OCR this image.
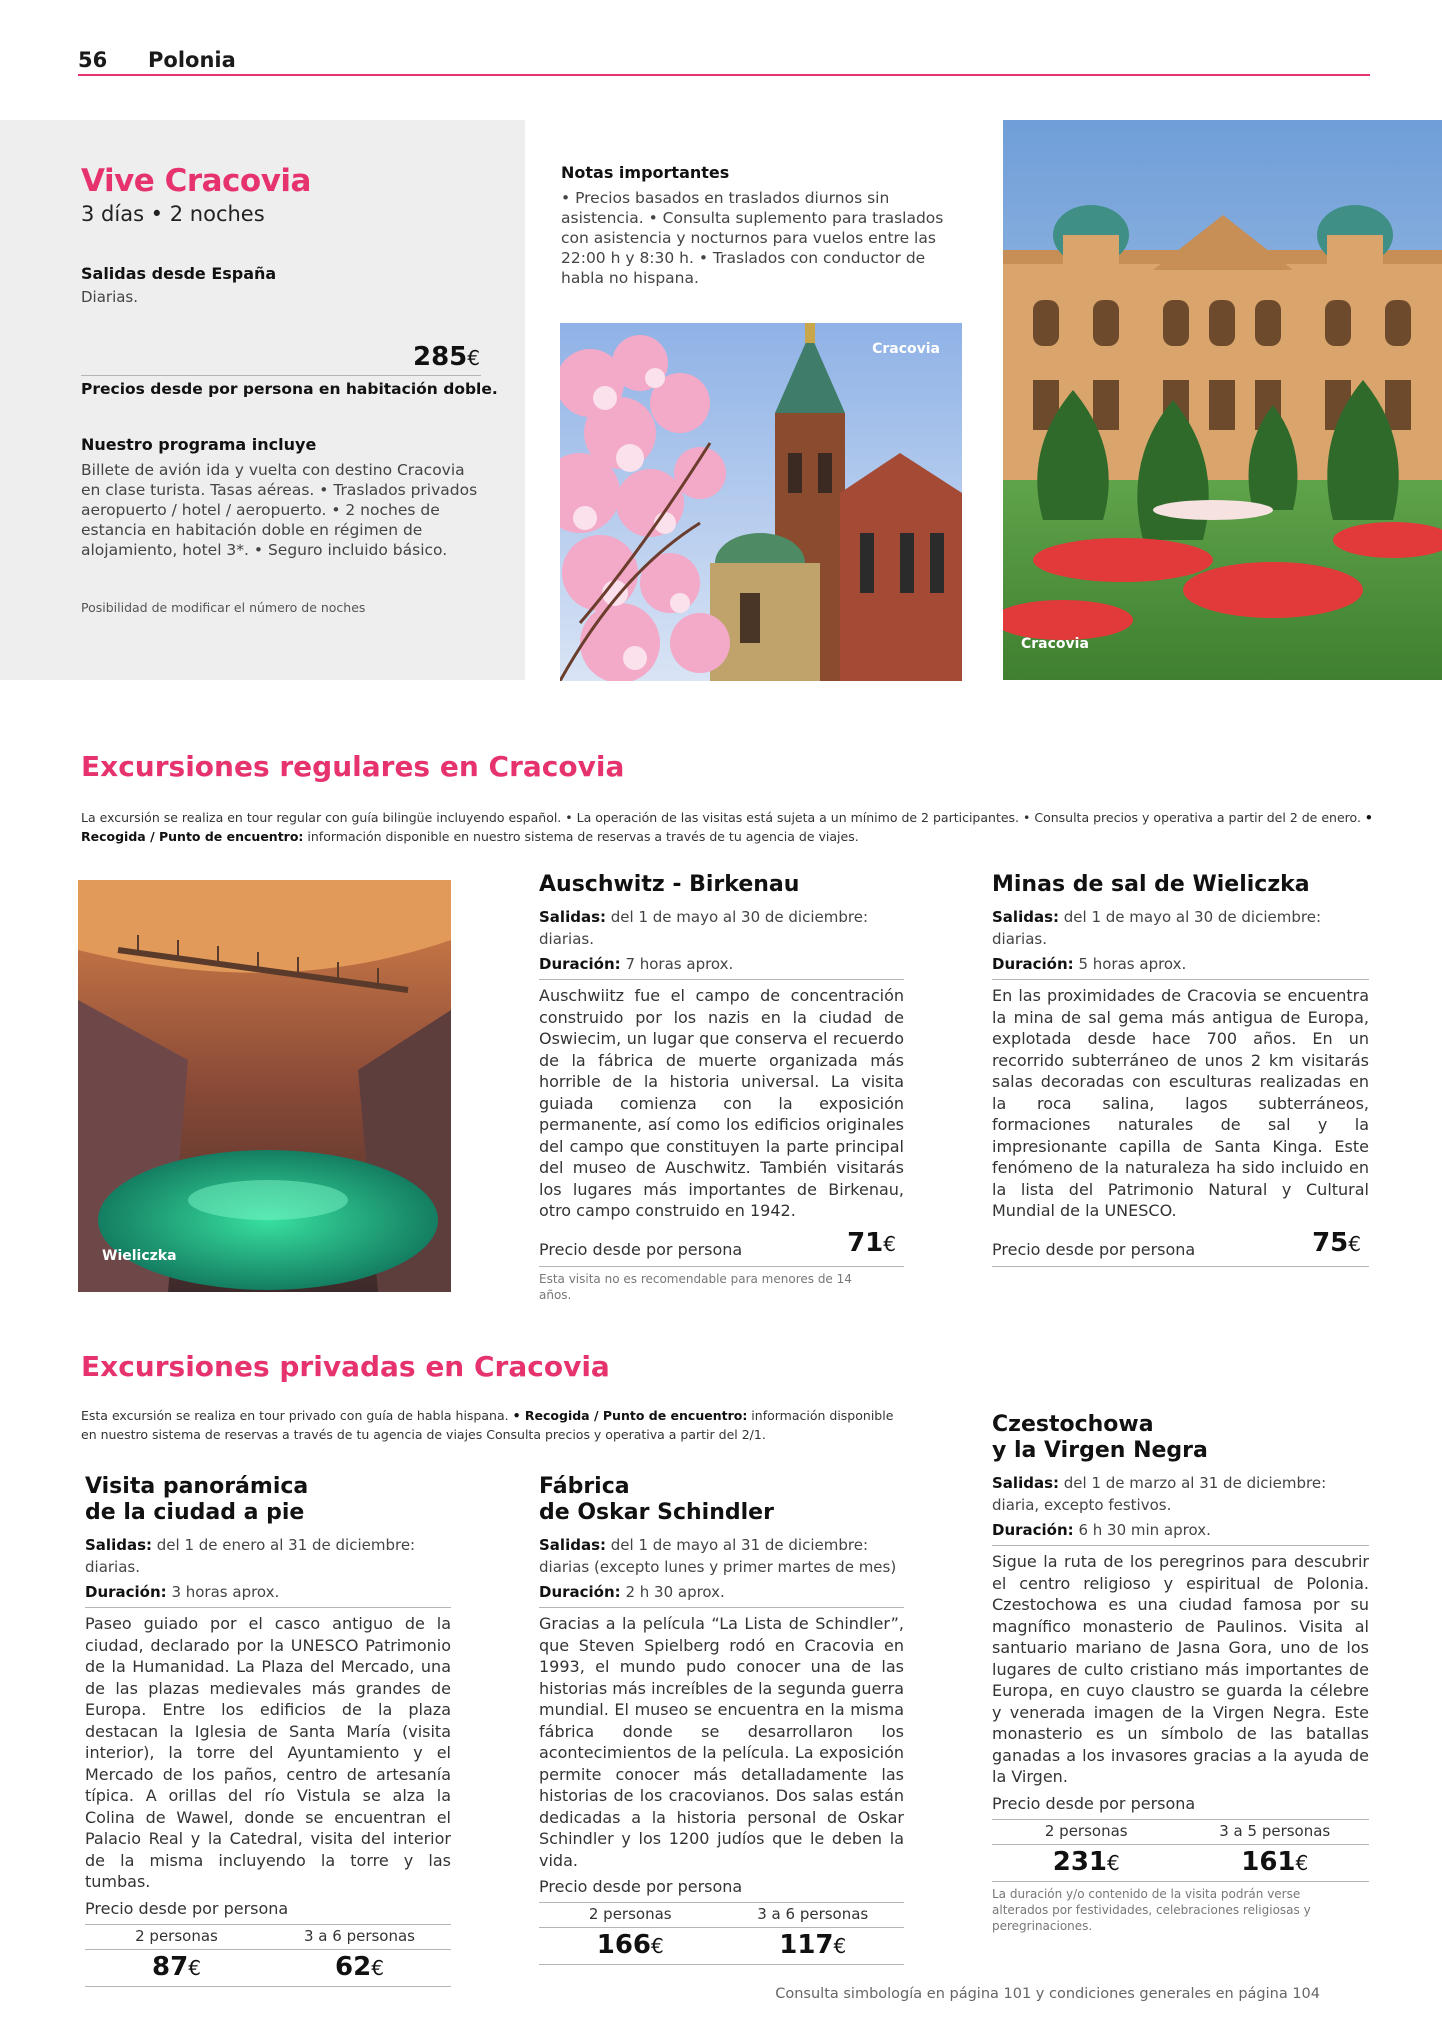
56 Polonia
Vive Cracovia
3 días • 2 noches
Salidas desde España
Diarias.
285€
Precios desde por persona en habitación doble.
Nuestro programa incluye
Billete de avión ida y vuelta con destino Cracovia en clase turista. Tasas aéreas. • Traslados privados aeropuerto / hotel / aeropuerto. • 2 noches de estancia en habitación doble en régimen de alojamiento, hotel 3*. • Seguro incluido básico.
Posibilidad de modificar el número de noches
Notas importantes
• Precios basados en traslados diurnos sin asistencia. • Consulta suplemento para traslados con asistencia y nocturnos para vuelos entre las 22:00 h y 8:30 h. • Traslados con conductor de habla no hispana.
Cracovia
Cracovia
Excursiones regulares en Cracovia
La excursión se realiza en tour regular con guía bilingüe incluyendo español. • La operación de las visitas está sujeta a un mínimo de 2 participantes. • Consulta precios y operativa a partir del 2 de enero. • Recogida / Punto de encuentro: información disponible en nuestro sistema de reservas a través de tu agencia de viajes.
Wieliczka
Auschwitz - Birkenau
Salidas: del 1 de mayo al 30 de diciembre: diarias.
Duración: 7 horas aprox.
Auschwiitz fue el campo de concentración construido por los nazis en la ciudad de Oswiecim, un lugar que conserva el recuerdo de la fábrica de muerte organizada más horrible de la historia universal. La visita guiada comienza con la exposición permanente, así como los edificios originales del campo que constituyen la parte principal del museo de Auschwitz. También visitarás los lugares más importantes de Birkenau, otro campo construido en 1942.
Precio desde por persona	71€
Esta visita no es recomendable para menores de 14 años.
Minas de sal de Wieliczka
Salidas: del 1 de mayo al 30 de diciembre: diarias.
Duración: 5 horas aprox.
En las proximidades de Cracovia se encuentra la mina de sal gema más antigua de Europa, explotada desde hace 700 años. En un recorrido subterráneo de unos 2 km visitarás salas decoradas con esculturas realizadas en la roca salina, lagos subterráneos, formaciones naturales de sal y la impresionante capilla de Santa Kinga. Este fenómeno de la naturaleza ha sido incluido en la lista del Patrimonio Natural y Cultural Mundial de la UNESCO.
Precio desde por persona	75€
Excursiones privadas en Cracovia
Esta excursión se realiza en tour privado con guía de habla hispana. • Recogida / Punto de encuentro: información disponible en nuestro sistema de reservas a través de tu agencia de viajes Consulta precios y operativa a partir del 2/1.
Visita panorámica
de la ciudad a pie
Salidas: del 1 de enero al 31 de diciembre: diarias.
Duración: 3 horas aprox.
Paseo guiado por el casco antiguo de la ciudad, declarado por la UNESCO Patrimonio de la Humanidad. La Plaza del Mercado, una de las plazas medievales más grandes de Europa. Entre los edificios de la plaza destacan la Iglesia de Santa María (visita interior), la torre del Ayuntamiento y el Mercado de los paños, centro de artesanía típica. A orillas del río Vistula se alza la Colina de Wawel, donde se encuentran el Palacio Real y la Catedral, visita del interior de la misma incluyendo la torre y las tumbas.
Precio desde por persona
2 personas	3 a 6 personas
87€	62€
Fábrica
de Oskar Schindler
Salidas: del 1 de mayo al 31 de diciembre: diarias (excepto lunes y primer martes de mes)
Duración: 2 h 30 aprox.
Gracias a la película “La Lista de Schindler”, que Steven Spielberg rodó en Cracovia en 1993, el mundo pudo conocer una de las historias más increíbles de la segunda guerra mundial. El museo se encuentra en la misma fábrica donde se desarrollaron los acontecimientos de la película. La exposición permite conocer más detalladamente las historias de los cracovianos. Dos salas están dedicadas a la historia personal de Oskar Schindler y los 1200 judíos que le deben la vida.
Precio desde por persona
2 personas	3 a 6 personas
166€	117€
Czestochowa
y la Virgen Negra
Salidas: del 1 de marzo al 31 de diciembre: diaria, excepto festivos.
Duración: 6 h 30 min aprox.
Sigue la ruta de los peregrinos para descubrir el centro religioso y espiritual de Polonia. Czestochowa es una ciudad famosa por su magnífico monasterio de Paulinos. Visita al santuario mariano de Jasna Gora, uno de los lugares de culto cristiano más importantes de Europa, en cuyo claustro se guarda la célebre y venerada imagen de la Virgen Negra. Este monasterio es un símbolo de las batallas ganadas a los invasores gracias a la ayuda de la Virgen.
Precio desde por persona
2 personas	3 a 5 personas
231€	161€
La duración y/o contenido de la visita podrán verse alterados por festividades, celebraciones religiosas y peregrinaciones.
Consulta simbología en página 101 y condiciones generales en página 104
